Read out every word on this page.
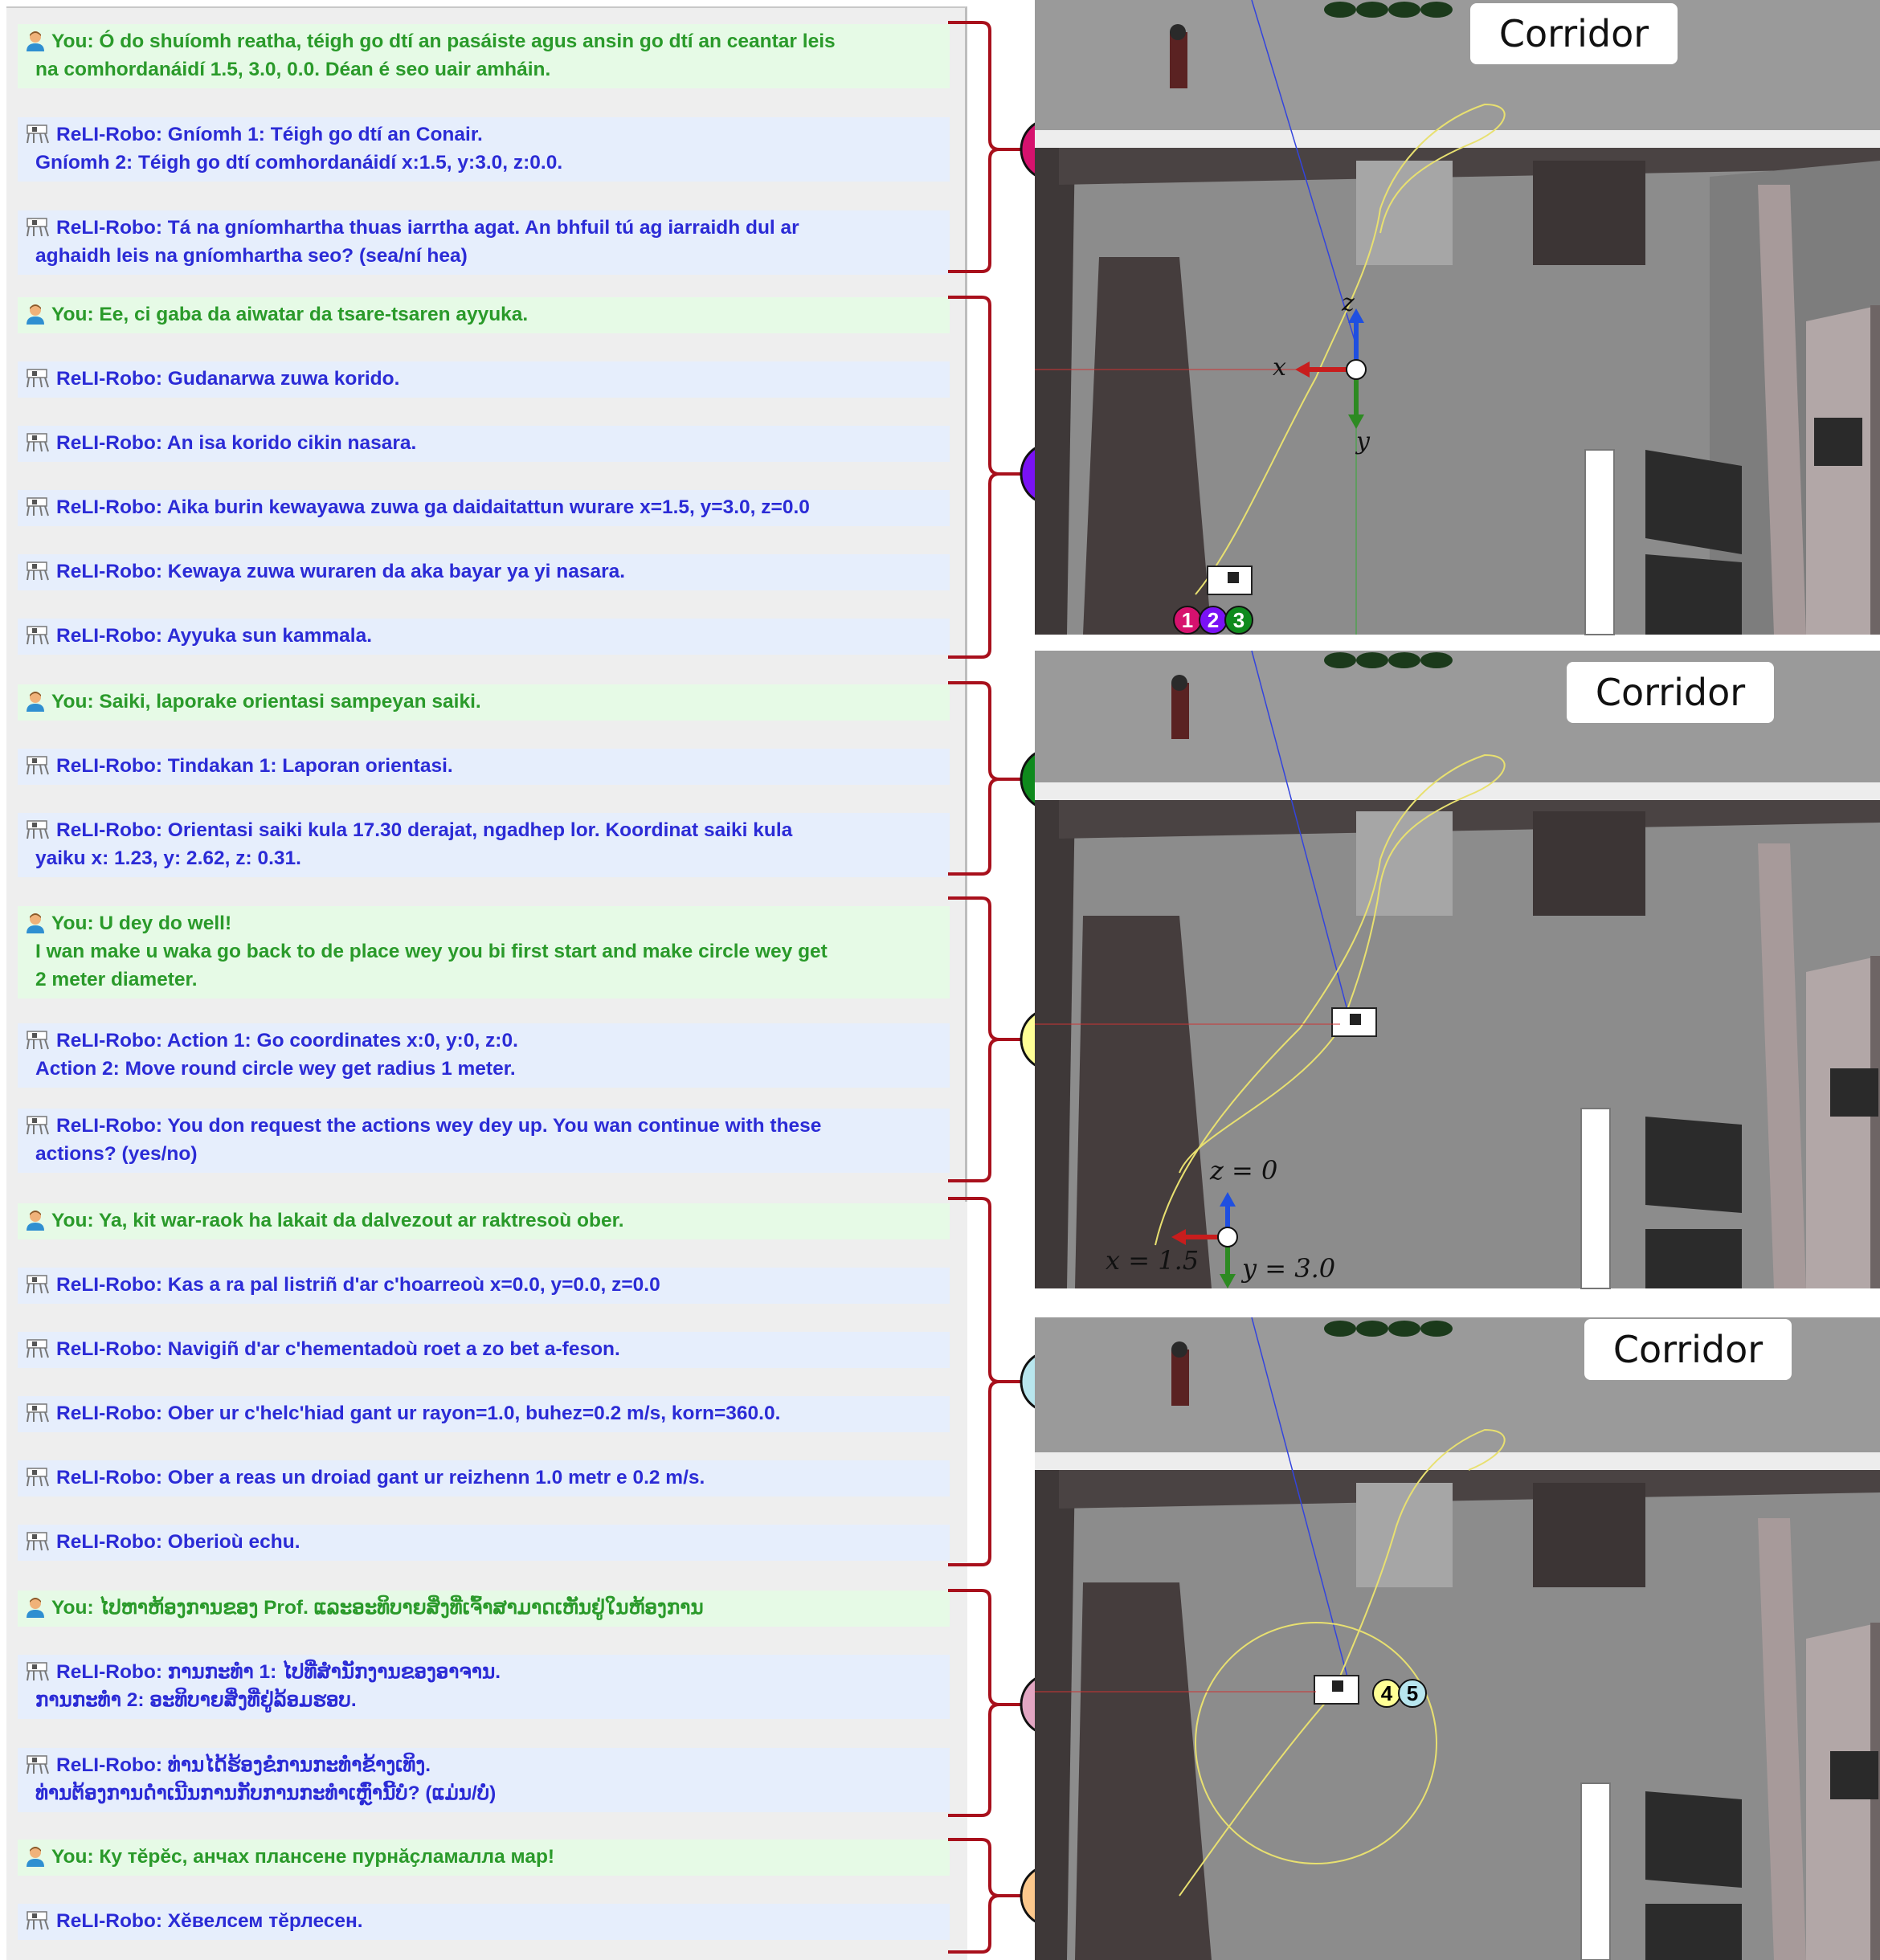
You: Ó do shuíomh reatha, téigh go dtí an pasáiste agus ansin go dtí an ceantar leis
na comhordanáidí 1.5, 3.0, 0.0. Déan é seo uair amháin.
ReLI-Robo: Gníomh 1: Téigh go dtí an Conair.
Gníomh 2: Téigh go dtí comhordanáidí x:1.5, y:3.0, z:0.0.
ReLI-Robo: Tá na gníomhartha thuas iarrtha agat. An bhfuil tú ag iarraidh dul ar
aghaidh leis na gníomhartha seo? (sea/ní hea)
You: Ee, ci gaba da aiwatar da tsare-tsaren ayyuka.
ReLI-Robo: Gudanarwa zuwa korido.
ReLI-Robo: An isa korido cikin nasara.
ReLI-Robo: Aika burin kewayawa zuwa ga daidaitattun wurare x=1.5, y=3.0, z=0.0
ReLI-Robo: Kewaya zuwa wuraren da aka bayar ya yi nasara.
ReLI-Robo: Ayyuka sun kammala.
You: Saiki, laporake orientasi sampeyan saiki.
ReLI-Robo: Tindakan 1: Laporan orientasi.
ReLI-Robo: Orientasi saiki kula 17.30 derajat, ngadhep lor. Koordinat saiki kula
yaiku x: 1.23, y: 2.62, z: 0.31.
You: U dey do well!
I wan make u waka go back to de place wey you bi first start and make circle wey get
2 meter diameter.
ReLI-Robo: Action 1: Go coordinates x:0, y:0, z:0.
Action 2: Move round circle wey get radius 1 meter.
ReLI-Robo: You don request the actions wey dey up. You wan continue with these
actions? (yes/no)
You: Ya, kit war-raok ha lakait da dalvezout ar raktresoù ober.
ReLI-Robo: Kas a ra pal listriñ d'ar c'hoarreoù x=0.0, y=0.0, z=0.0
ReLI-Robo: Navigiñ d'ar c'hementadoù roet a zo bet a-feson.
ReLI-Robo: Ober ur c'helc'hiad gant ur rayon=1.0, buhez=0.2 m/s, korn=360.0.
ReLI-Robo: Ober a reas un droiad gant ur reizhenn 1.0 metr e 0.2 m/s.
ReLI-Robo: Oberioù echu.
You: ໄປຫາຫ້ອງການຂອງ Prof. ແລະອະທິບາຍສິ່ງທີ່ເຈົ້າສາມາດເຫັນຢູ່ໃນຫ້ອງການ
ReLI-Robo: ການກະທຳ 1: ໄປທີ່ສຳນັກງານຂອງອາຈານ.
ການກະທຳ 2: ອະທິບາຍສິ່ງທີ່ຢູ່ລ້ອມຮອບ.
ReLI-Robo: ທ່ານໄດ້ຮ້ອງຂໍການກະທຳຂ້າງເທິງ.
ທ່ານຕ້ອງການດຳເນີນການກັບການກະທຳເຫຼົ່ານີ້ບໍ? (ແມ່ນ/ບໍ່)
You: Ку тӗрӗс, анчах плансене пурнӑҫламалла мар!
ReLI-Robo: Хӗвелсем тӗрлесен.
z
x
y
Corridor
1 2 3
z = 0
x = 1.5 y = 3.0
Corridor
Corridor
4 5
